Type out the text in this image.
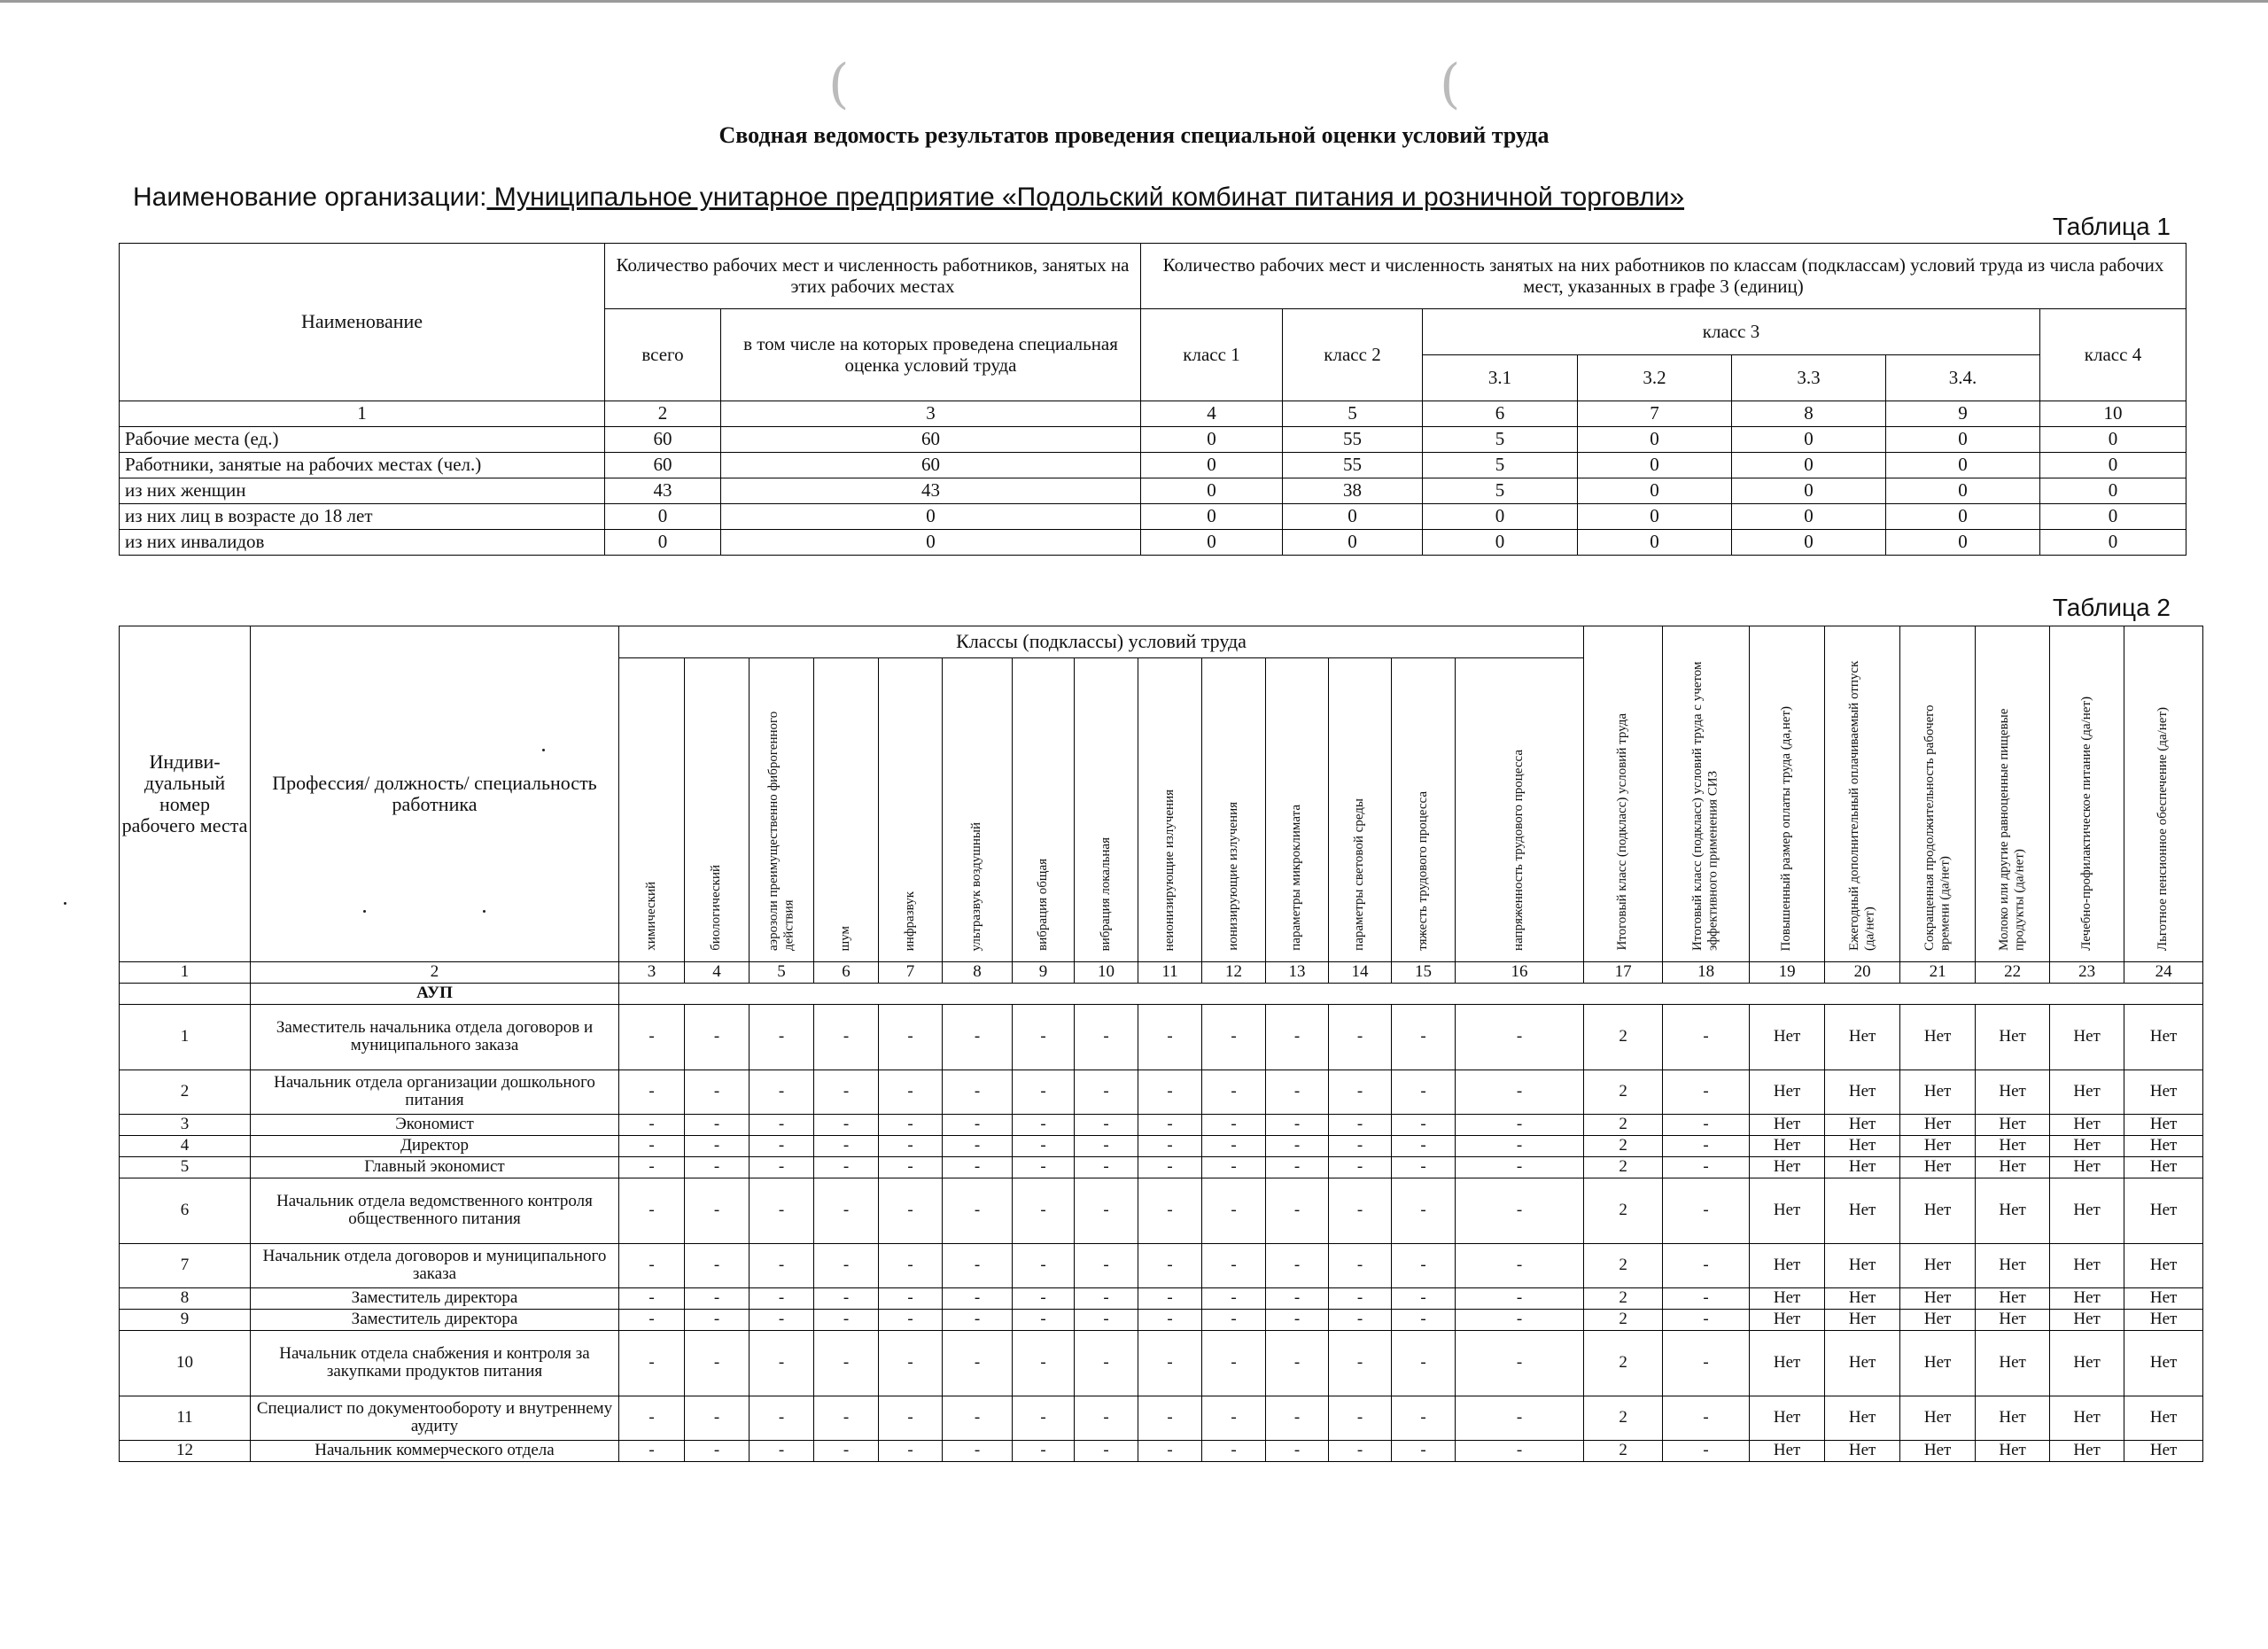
(	(
Сводная ведомость результатов проведения специальной оценки условий труда
Наименование организации: Муниципальное унитарное предприятие «Подольский комбинат питания и розничной торговли»
Таблица 1
Наименование	Количество рабочих мест и численность работников, занятых на этих рабочих местах		Количество рабочих мест и численность занятых на них работников по классам (подклассам) условий труда из числа рабочих мест, указанных в графе 3 (единиц)						
	всего	в том числе на которых проведена специальная оценка условий труда	класс 1	класс 2	класс 3				класс 4
					3.1	3.2	3.3	3.4.	
1	2	3	4	5	6	7	8	9	10
Рабочие места (ед.)	60	60	0	55	5	0	0	0	0
Работники, занятые на рабочих местах (чел.)	60	60	0	55	5	0	0	0	0
из них женщин	43	43	0	38	5	0	0	0	0
из них лиц в возрасте до 18 лет	0	0	0	0	0	0	0	0	0
из них инвалидов	0	0	0	0	0	0	0	0	0
Таблица 2
Индиви-дуальный номер рабочего места	Профессия/ должность/ специальность работника	Классы (подклассы) условий труда														Итоговый класс (подкласс) условий труда	Итоговый класс (подкласс) условий труда с учетом эффективного применения СИЗ	Повышенный размер оплаты труда (да,нет)	Ежегодный дополнительный оплачиваемый отпуск (да/нет)	Сокращенная продолжительность рабочего времени (да/нет)	Молоко или другие равноценные пищевые продукты (да/нет)	Лечебно-профилактическое питание (да/нет)	Льготное пенсионное обеспечение (да/нет)
		химический	биологический	аэрозоли преимущественно фиброгенного действия	шум	инфразвук	ультразвук воздушный	вибрация общая	вибрация локальная	неионизирующие излучения	ионизирующие излучения	параметры микроклимата	параметры световой среды	тяжесть трудового процесса	напряженность трудового процесса								
1	2	3	4	5	6	7	8	9	10	11	12	13	14	15	16	17	18	19	20	21	22	23	24
	АУП																						
1	Заместитель начальника отдела договоров и муниципального заказа	-	-	-	-	-	-	-	-	-	-	-	-	-	-	2	-	Нет	Нет	Нет	Нет	Нет	Нет
2	Начальник отдела организации дошкольного питания	-	-	-	-	-	-	-	-	-	-	-	-	-	-	2	-	Нет	Нет	Нет	Нет	Нет	Нет
3	Экономист	-	-	-	-	-	-	-	-	-	-	-	-	-	-	2	-	Нет	Нет	Нет	Нет	Нет	Нет
4	Директор	-	-	-	-	-	-	-	-	-	-	-	-	-	-	2	-	Нет	Нет	Нет	Нет	Нет	Нет
5	Главный экономист	-	-	-	-	-	-	-	-	-	-	-	-	-	-	2	-	Нет	Нет	Нет	Нет	Нет	Нет
6	Начальник отдела ведомственного контроля общественного питания	-	-	-	-	-	-	-	-	-	-	-	-	-	-	2	-	Нет	Нет	Нет	Нет	Нет	Нет
7	Начальник отдела договоров и муниципального заказа	-	-	-	-	-	-	-	-	-	-	-	-	-	-	2	-	Нет	Нет	Нет	Нет	Нет	Нет
8	Заместитель директора	-	-	-	-	-	-	-	-	-	-	-	-	-	-	2	-	Нет	Нет	Нет	Нет	Нет	Нет
9	Заместитель директора	-	-	-	-	-	-	-	-	-	-	-	-	-	-	2	-	Нет	Нет	Нет	Нет	Нет	Нет
10	Начальник отдела снабжения и контроля за закупками продуктов питания	-	-	-	-	-	-	-	-	-	-	-	-	-	-	2	-	Нет	Нет	Нет	Нет	Нет	Нет
11	Специалист по документообороту и внутреннему аудиту	-	-	-	-	-	-	-	-	-	-	-	-	-	-	2	-	Нет	Нет	Нет	Нет	Нет	Нет
12	Начальник коммерческого отдела	-	-	-	-	-	-	-	-	-	-	-	-	-	-	2	-	Нет	Нет	Нет	Нет	Нет	Нет
